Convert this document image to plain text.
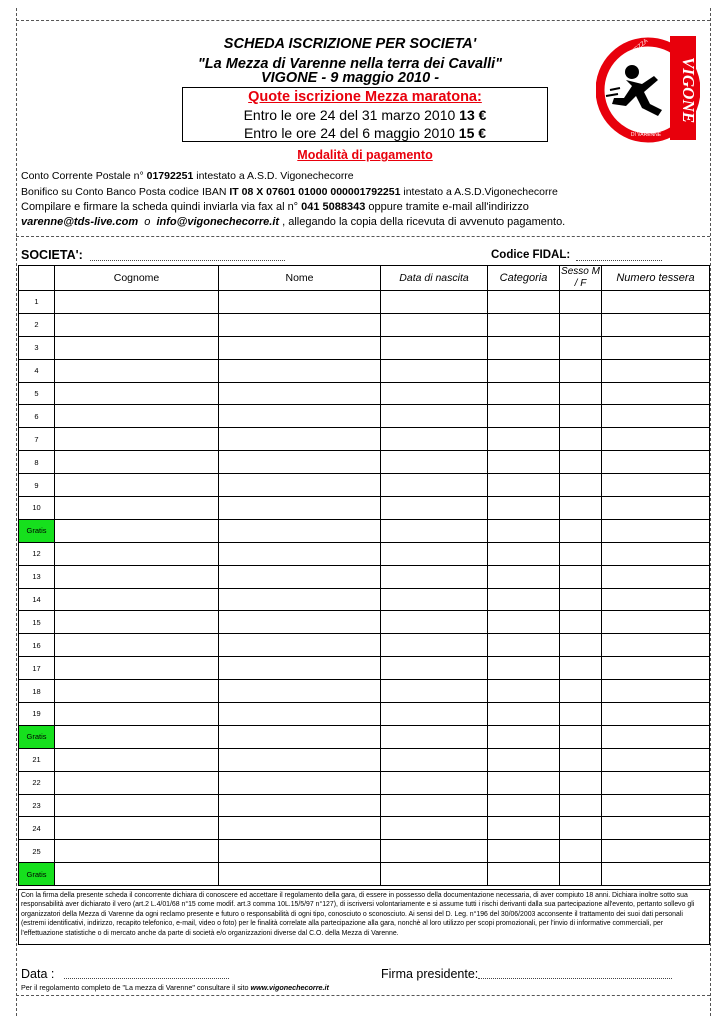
SCHEDA ISCRIZIONE PER SOCIETA'
"La Mezza di Varenne nella terra dei Cavalli"
VIGONE - 9 maggio 2010 -
Quote iscrizione Mezza maratona:
Entro le ore 24 del 31 marzo 2010 13 €
Entro le ore 24 del 6 maggio 2010 15 €
VIGONE
LA MEZZA
DI VARENNE
Modalità di pagamento
Conto Corrente Postale n° 01792251 intestato a A.S.D. Vigonechecorre
Bonifico su Conto Banco Posta codice IBAN IT 08 X 07601 01000 000001792251 intestato a A.S.D.Vigonechecorre
Compilare e firmare la scheda quindi inviarla via fax al n° 041 5088343 oppure tramite e-mail all'indirizzo
varenne@tds-live.com  o  info@vigonechecorre.it , allegando la copia della ricevuta di avvenuto pagamento.
SOCIETA':	Codice FIDAL:
	Cognome	Nome	Data di nascita	Categoria	Sesso M / F	Numero tessera
1						
2						
3						
4						
5						
6						
7						
8						
9						
10						
Gratis						
12						
13						
14						
15						
16						
17						
18						
19						
Gratis						
21						
22						
23						
24						
25						
Gratis						
Con la firma della presente scheda il concorrente dichiara di conoscere ed accettare il regolamento della gara, di essere in possesso della documentazione necessaria, di aver compiuto 18 anni. Dichiara inoltre sotto sua responsabilità aver dichiarato il vero (art.2 L.4/01/68 n°15 come modif. art.3 comma 10L.15/5/97 n°127), di iscriversi volontariamente e si assume tutti i rischi derivanti dalla sua partecipazione all'evento, pertanto sollevo gli organizzatori della Mezza di Varenne da ogni reclamo presente e futuro o responsabilità di ogni tipo, conosciuto o sconosciuto. Ai sensi del D. Leg. n°196 del 30/06/2003 acconsente il trattamento dei suoi dati personali (estremi identificativi, indirizzo, recapito telefonico, e-mail, video o foto) per le finalità correlate alla partecipazione alla gara, nonchè al loro utilizzo per scopi promozionali, per l'invio di informative commerciali, per l'effettuazione statistiche o di mercato anche da parte di società e/o organizzazioni diverse dal C.O. della Mezza di Varenne.
Data :	Firma presidente:
Per il regolamento completo de "La mezza di Varenne" consultare il sito www.vigonechecorre.it
